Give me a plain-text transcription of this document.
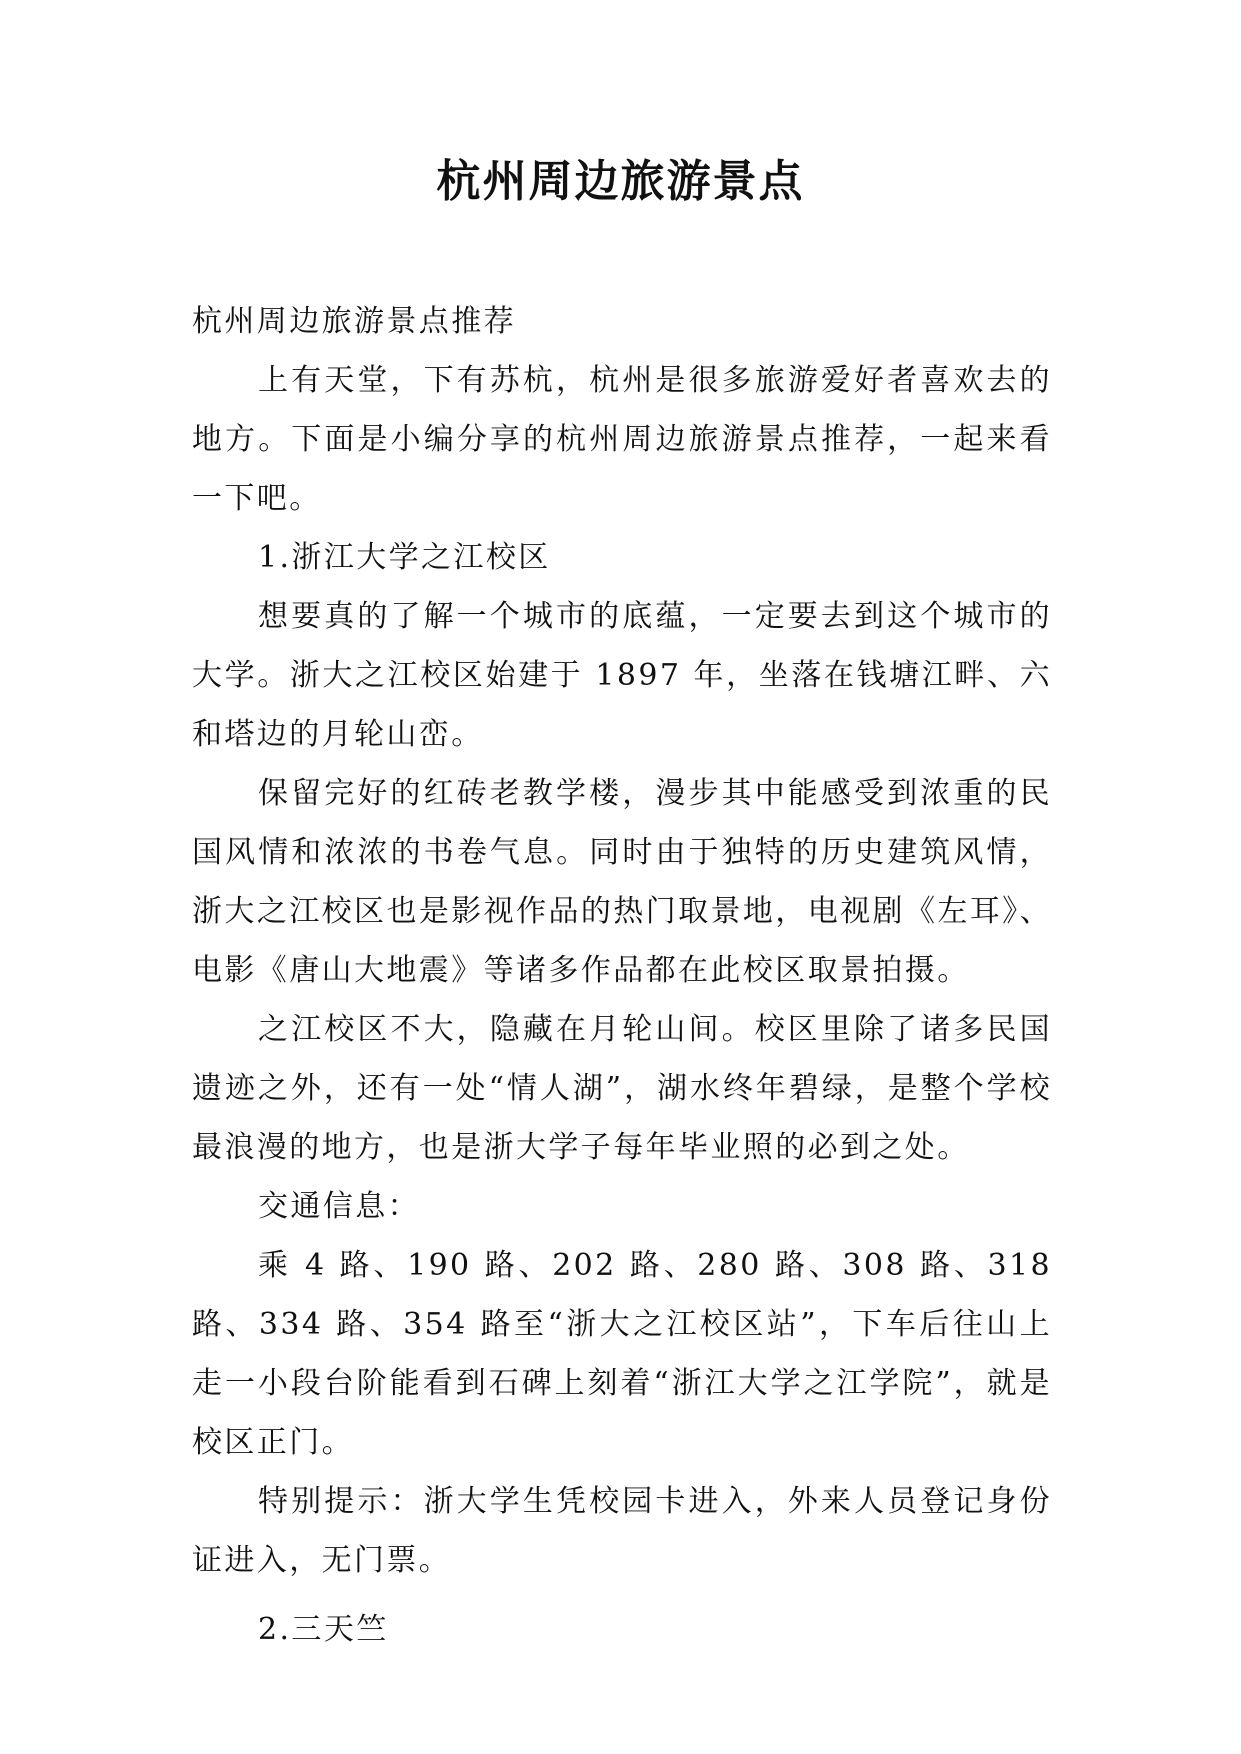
杭州周边旅游景点

杭州周边旅游景点推荐

上有天堂，下有苏杭，杭州是很多旅游爱好者喜欢去的地方。下面是小编分享的杭州周边旅游景点推荐，一起来看一下吧。

1.浙江大学之江校区

想要真的了解一个城市的底蕴，一定要去到这个城市的大学。浙大之江校区始建于 1897 年，坐落在钱塘江畔、六和塔边的月轮山峦。

保留完好的红砖老教学楼，漫步其中能感受到浓重的民国风情和浓浓的书卷气息。同时由于独特的历史建筑风情，浙大之江校区也是影视作品的热门取景地，电视剧《左耳》、电影《唐山大地震》等诸多作品都在此校区取景拍摄。

之江校区不大，隐藏在月轮山间。校区里除了诸多民国遗迹之外，还有一处“情人湖”，湖水终年碧绿，是整个学校最浪漫的地方，也是浙大学子每年毕业照的必到之处。

交通信息：

乘 4 路、190 路、202 路、280 路、308 路、318 路、334 路、354 路至“浙大之江校区站”，下车后往山上走一小段台阶能看到石碑上刻着“浙江大学之江学院”，就是校区正门。

特别提示：浙大学生凭校园卡进入，外来人员登记身份证进入，无门票。

2.三天竺
